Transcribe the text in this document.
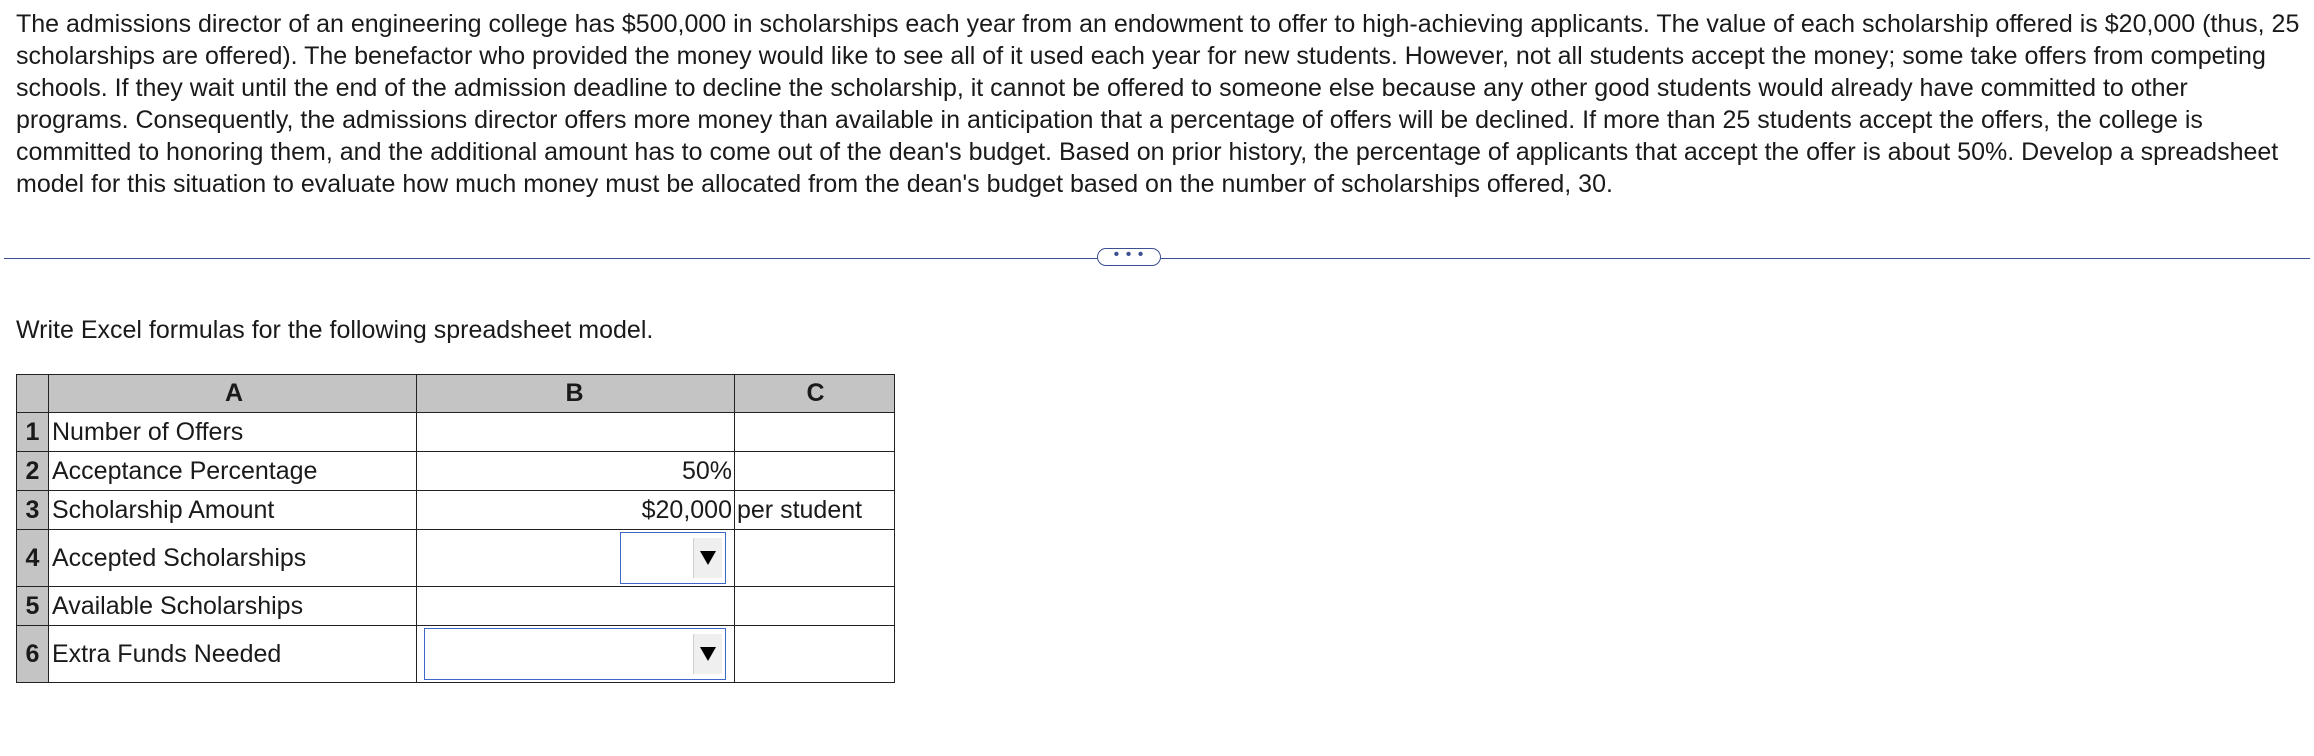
The admissions director of an engineering college has $500,000 in scholarships each year from an endowment to offer to high-achieving applicants. The value of each scholarship offered is $20,000 (thus, 25 scholarships are offered). The benefactor who provided the money would like to see all of it used each year for new students. However, not all students accept the money; some take offers from competing schools. If they wait until the end of the admission deadline to decline the scholarship, it cannot be offered to someone else because any other good students would already have committed to other programs. Consequently, the admissions director offers more money than available in anticipation that a percentage of offers will be declined. If more than 25 students accept the offers, the college is committed to honoring them, and the additional amount has to come out of the dean's budget. Based on prior history, the percentage of applicants that accept the offer is about 50%. Develop a spreadsheet model for this situation to evaluate how much money must be allocated from the dean's budget based on the number of scholarships offered, 30.

• • •

Write Excel formulas for the following spreadsheet model.

	A	B	C
1	Number of Offers		
2	Acceptance Percentage	50%	
3	Scholarship Amount	$20,000	per student
4	Accepted Scholarships	

5	Available Scholarships		
6	Extra Funds Needed	
